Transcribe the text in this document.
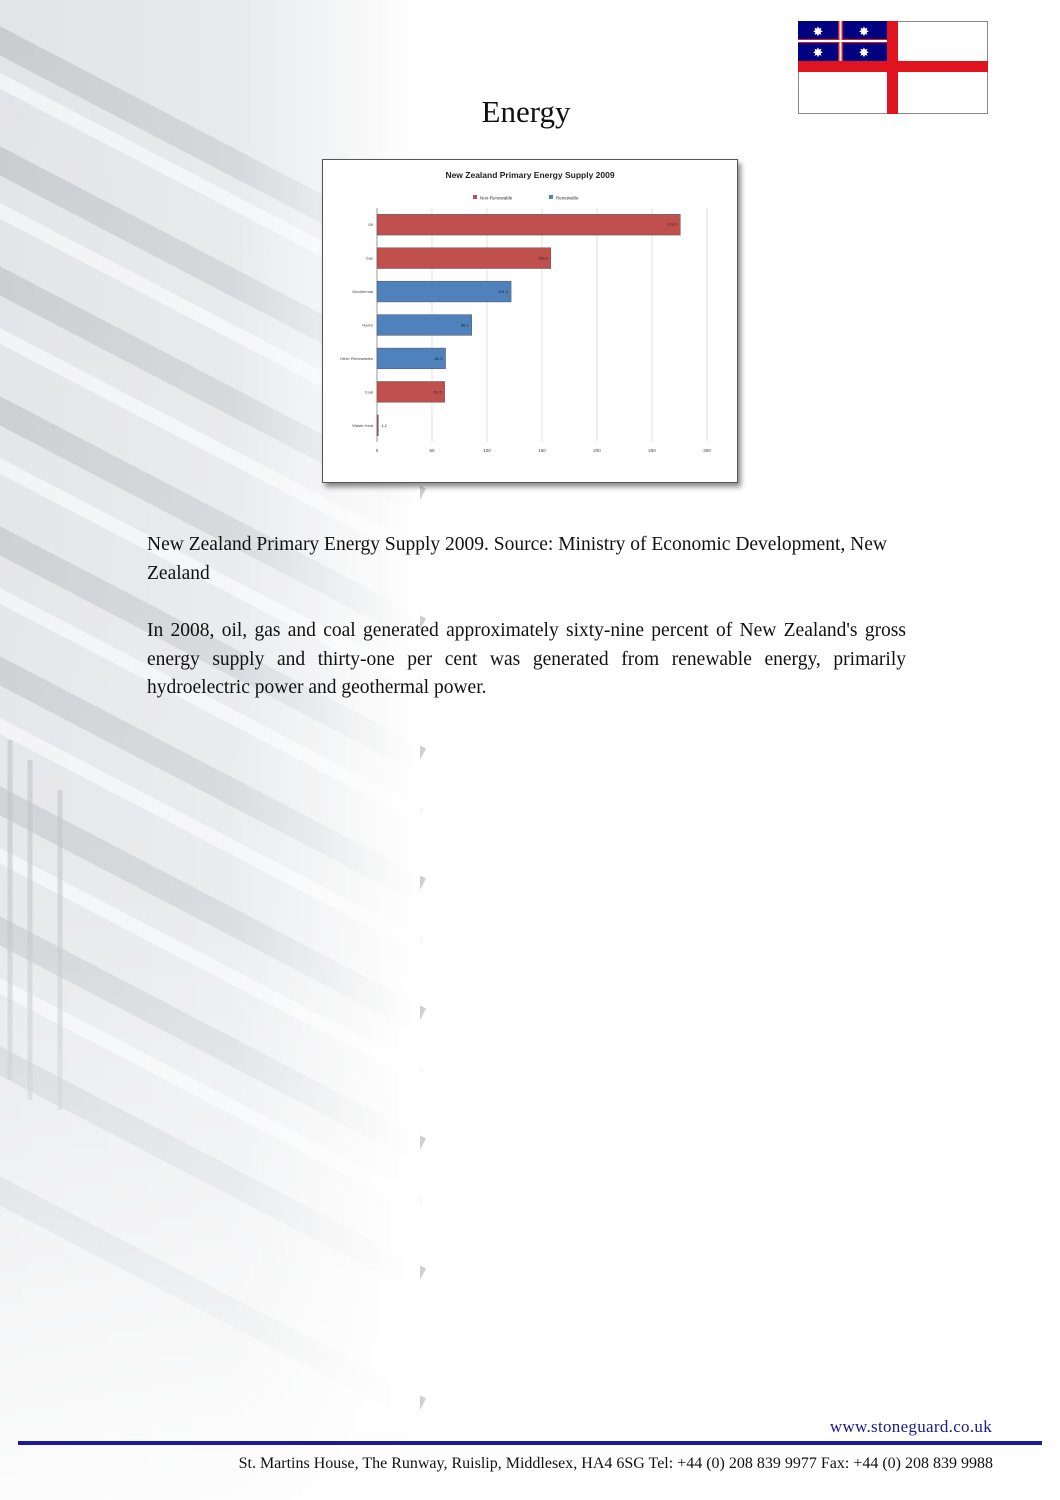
✸	✸
✸	✸
Energy
New Zealand Primary Energy Supply 2009
Non-Renewable	Renewable
0	50	100	150	200	250	300
Oil	275.7
Gas	158.0
Geothermal	121.9
Hydro	86.1
Other Renewables	62.3
Coal	61.5
Waste Heat 1.2

New Zealand Primary Energy Supply 2009. Source: Ministry of Economic Development, New Zealand

In 2008, oil, gas and coal generated approximately sixty-nine percent of New Zealand's gross energy supply and thirty-one per cent was generated from renewable energy, primarily hydroelectric power and geothermal power.

www.stoneguard.co.uk
St. Martins House, The Runway, Ruislip, Middlesex, HA4 6SG Tel: +44 (0) 208 839 9977 Fax: +44 (0) 208 839 9988
